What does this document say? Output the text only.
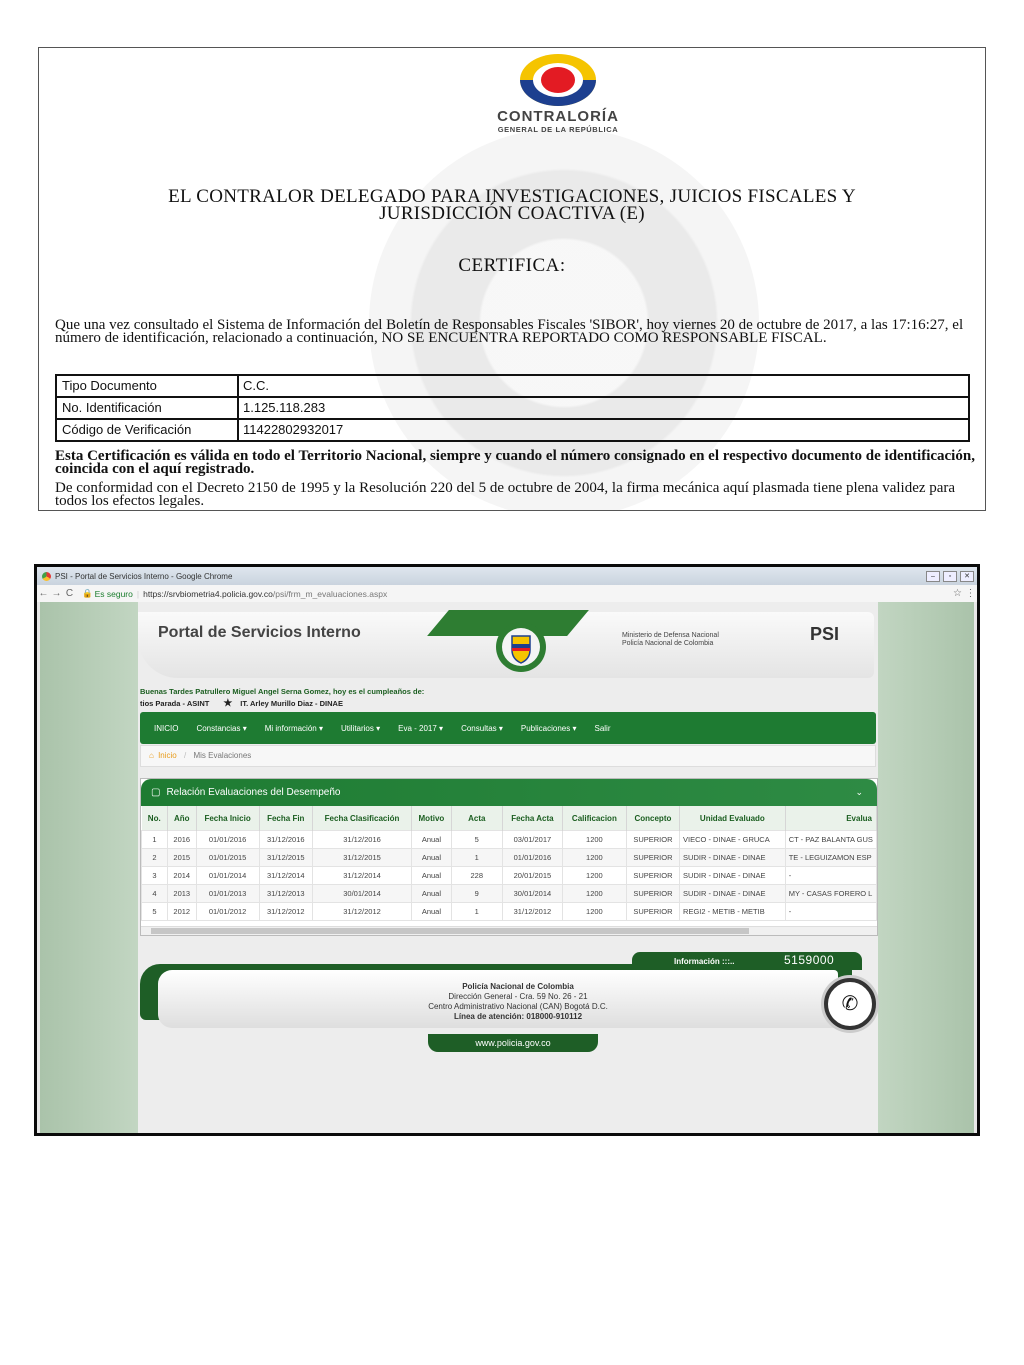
CONTRALORÍA
GENERAL DE LA REPÚBLICA
EL CONTRALOR DELEGADO PARA INVESTIGACIONES, JUICIOS FISCALES Y
JURISDICCIÓN COACTIVA (E)
CERTIFICA:
Que una vez consultado el Sistema de Información del Boletín de Responsables Fiscales 'SIBOR', hoy viernes 20 de octubre de 2017, a las 17:16:27, el número de identificación, relacionado a continuación, NO SE ENCUENTRA REPORTADO COMO RESPONSABLE FISCAL.
Tipo Documento	C.C.
No. Identificación	1.125.118.283
Código de Verificación	11422802932017
Esta Certificación es válida en todo el Territorio Nacional, siempre y cuando el número consignado en el respectivo documento de identificación, coincida con el aquí registrado.
De conformidad con el Decreto 2150 de 1995 y la Resolución 220 del 5 de octubre de 2004, la firma mecánica aquí plasmada tiene plena validez para todos los efectos legales.
PSI - Portal de Servicios Interno - Google Chrome	–	▫	✕
← → C	🔒 Es seguro | https://srvbiometria4.policia.gov.co/psi/frm_m_evaluaciones.aspx	☆ ⋮
Portal de Servicios Interno	Ministerio de Defensa Nacional
Policía Nacional de Colombia	PSI
Buenas Tardes Patrullero Miguel Angel Serna Gomez, hoy es el cumpleaños de:
tios Parada - ASINT ★ IT. Arley Murillo Diaz - DINAE
INICIO	Constancias ▾	Mi información ▾	Utilitarios ▾	Eva - 2017 ▾	Consultas ▾	Publicaciones ▾	Salir
⌂ Inicio / Mis Evalaciones
▢ Relación Evaluaciones del Desempeño	⌄
No.	Año	Fecha Inicio	Fecha Fin	Fecha Clasificación	Motivo	Acta	Fecha Acta	Calificacion	Concepto	Unidad Evaluado	Evalua
1	2016	01/01/2016	31/12/2016	31/12/2016	Anual	5	03/01/2017	1200	SUPERIOR	VIECO - DINAE - GRUCA	CT - PAZ BALANTA GUS
2	2015	01/01/2015	31/12/2015	31/12/2015	Anual	1	01/01/2016	1200	SUPERIOR	SUDIR - DINAE - DINAE	TE - LEGUIZAMON ESP
3	2014	01/01/2014	31/12/2014	31/12/2014	Anual	228	20/01/2015	1200	SUPERIOR	SUDIR - DINAE - DINAE	-
4	2013	01/01/2013	31/12/2013	30/01/2014	Anual	9	30/01/2014	1200	SUPERIOR	SUDIR - DINAE - DINAE	MY - CASAS FORERO L
5	2012	01/01/2012	31/12/2012	31/12/2012	Anual	1	31/12/2012	1200	SUPERIOR	REGI2 - METIB - METIB	-
Información :::..	5159000
Policía Nacional de Colombia
Dirección General - Cra. 59 No. 26 - 21
Centro Administrativo Nacional (CAN) Bogotá D.C.
Línea de atención: 018000-910112
✆
www.policia.gov.co
